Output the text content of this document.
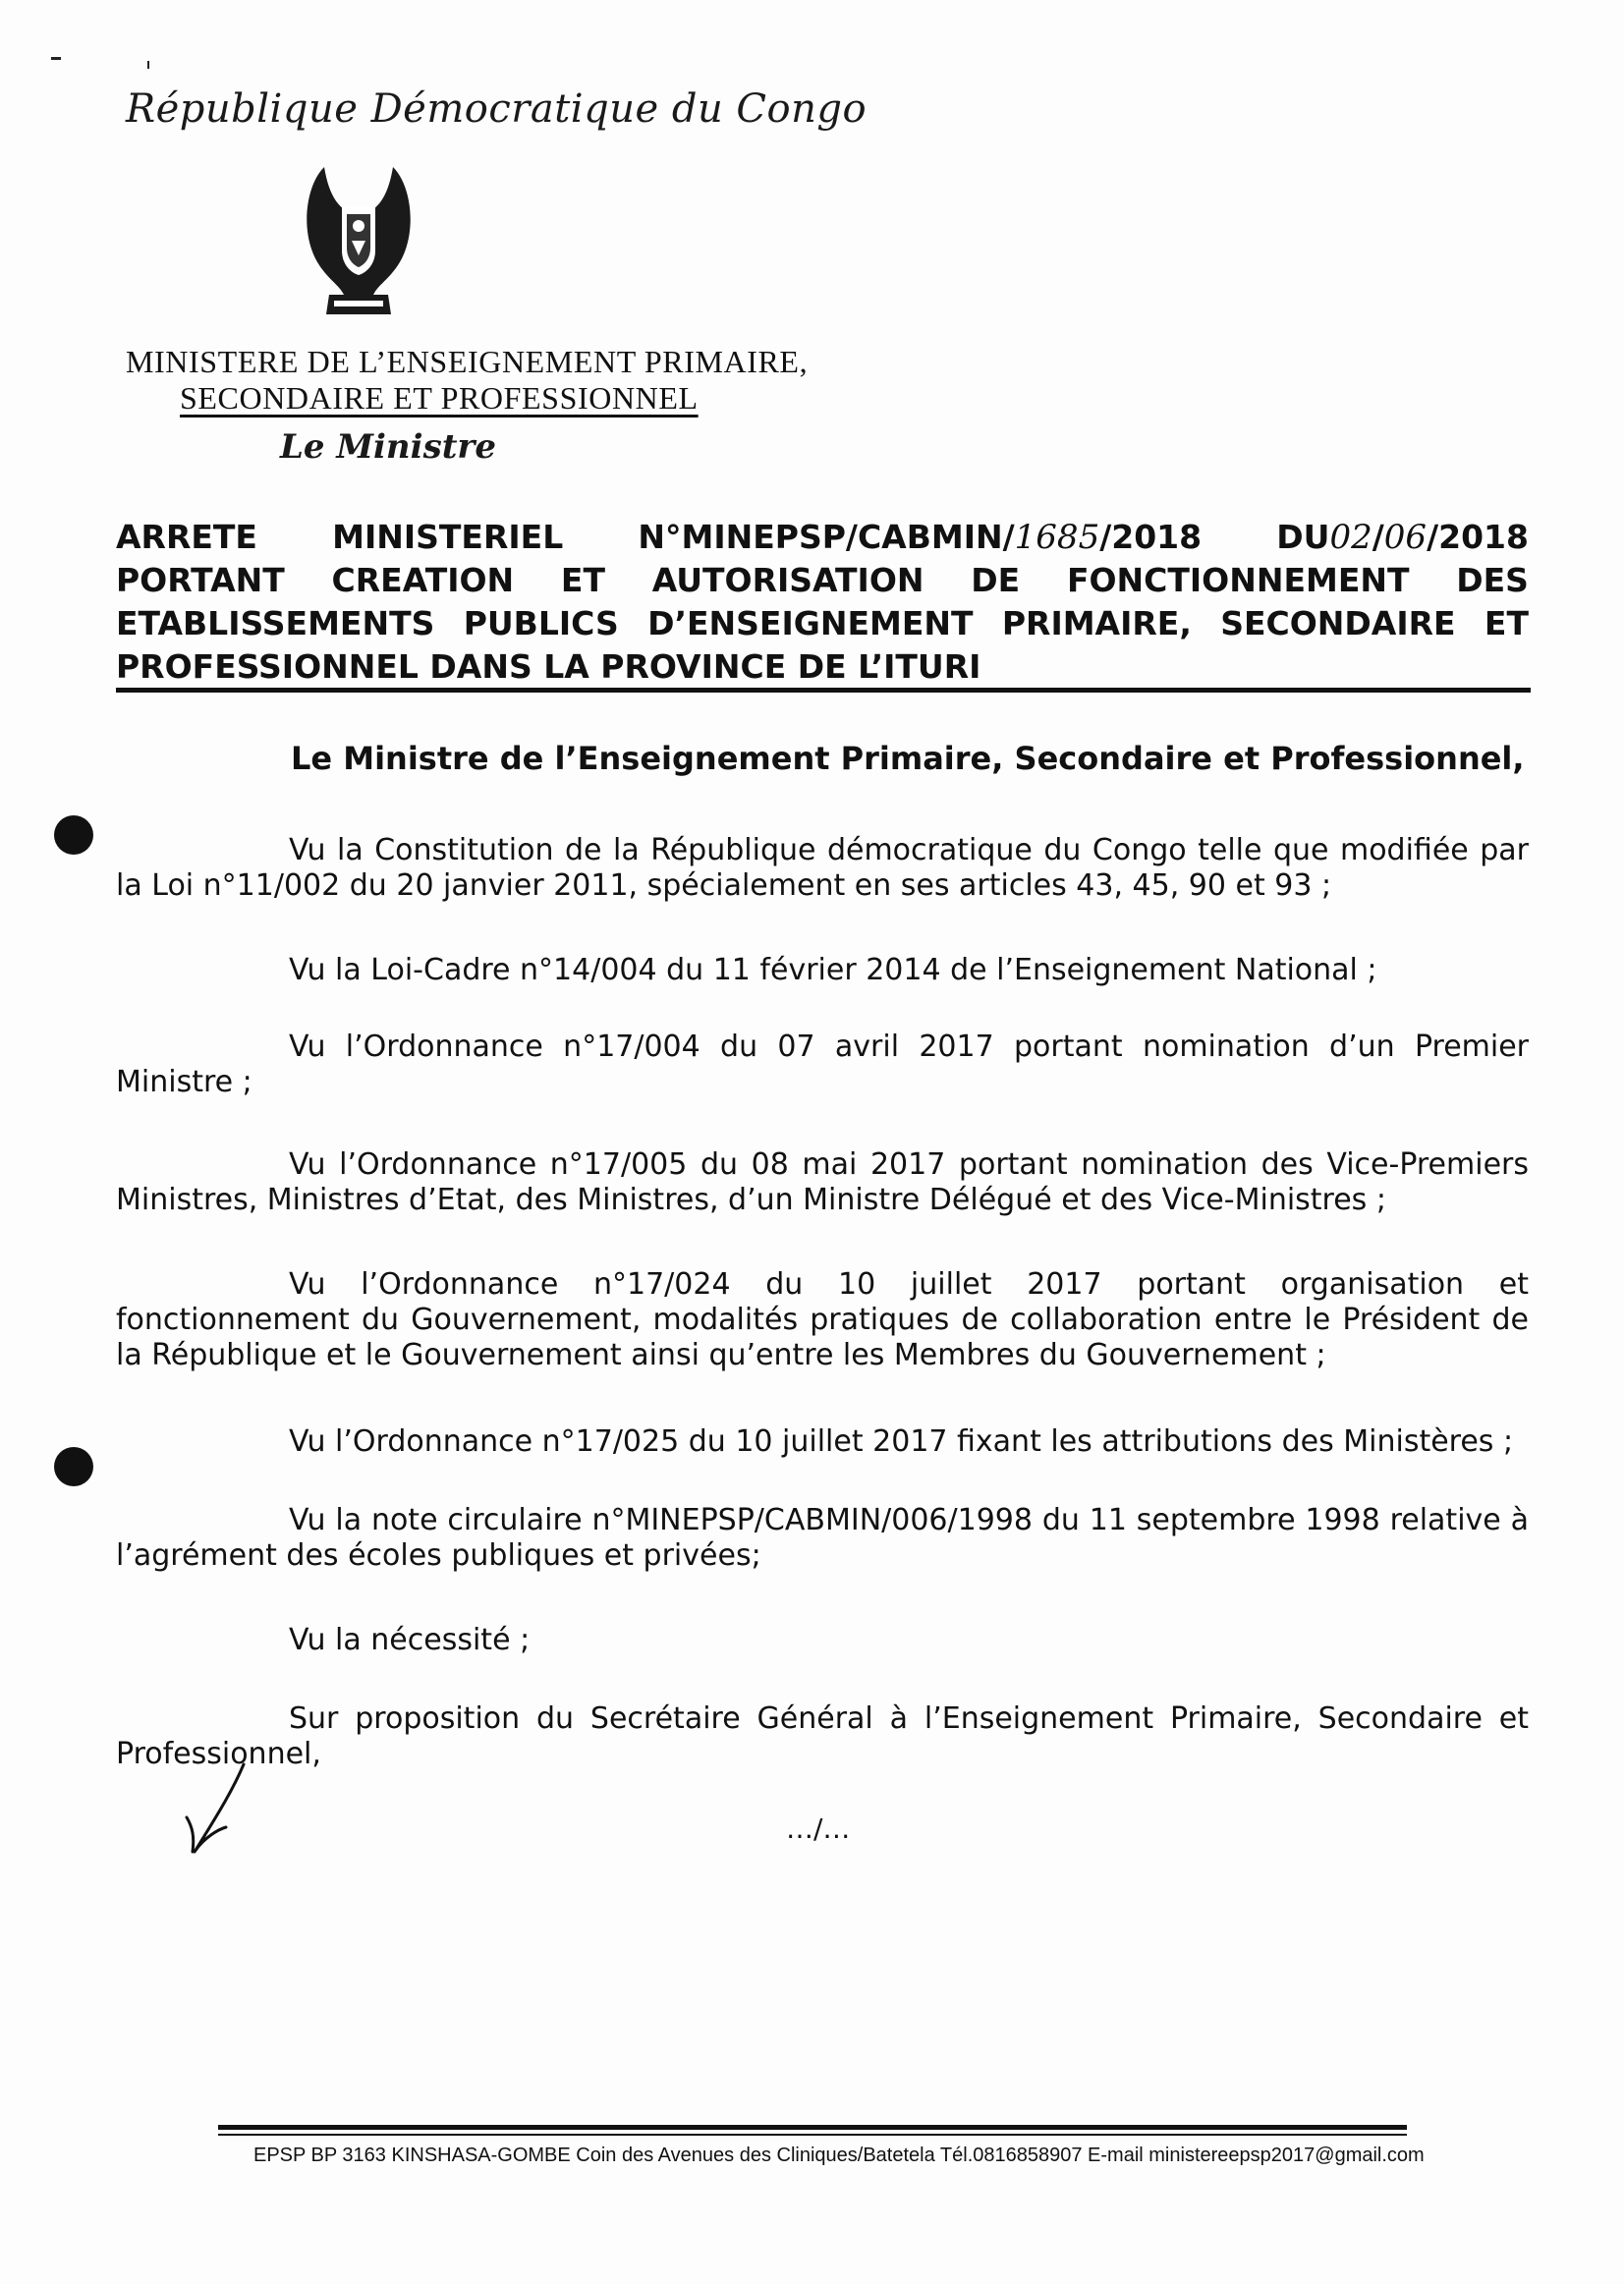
République Démocratique du Congo
MINISTERE DE L’ENSEIGNEMENT PRIMAIRE,
SECONDAIRE ET PROFESSIONNEL
Le Ministre
ARRETE MINISTERIEL N°MINEPSP/CABMIN/1685/2018 DU02/06/2018
PORTANT CREATION ET AUTORISATION DE FONCTIONNEMENT DES
ETABLISSEMENTS PUBLICS D’ENSEIGNEMENT PRIMAIRE, SECONDAIRE ET
PROFESSIONNEL DANS LA PROVINCE DE L’ITURI
Le Ministre de l’Enseignement Primaire, Secondaire et Professionnel,
Vu la Constitution de la République démocratique du Congo telle que modifiée par la Loi n°11/002 du 20 janvier 2011, spécialement en ses articles 43, 45, 90 et 93 ;
Vu la Loi-Cadre n°14/004 du 11 février 2014 de l’Enseignement National ;
Vu l’Ordonnance n°17/004 du 07 avril 2017 portant nomination d’un Premier Ministre ;
Vu l’Ordonnance n°17/005 du 08 mai 2017 portant nomination des Vice-Premiers Ministres, Ministres d’Etat, des Ministres, d’un Ministre Délégué et des Vice-Ministres ;
Vu l’Ordonnance n°17/024 du 10 juillet 2017 portant organisation et fonctionnement du Gouvernement, modalités pratiques de collaboration entre le Président de la République et le Gouvernement ainsi qu’entre les Membres du Gouvernement ;
Vu l’Ordonnance n°17/025 du 10 juillet 2017 fixant les attributions des Ministères ;
Vu la note circulaire n°MINEPSP/CABMIN/006/1998 du 11 septembre 1998 relative à l’agrément des écoles publiques et privées;
Vu la nécessité ;
Sur proposition du Secrétaire Général à l’Enseignement Primaire, Secondaire et Professionnel,
…/…
EPSP BP 3163 KINSHASA-GOMBE Coin des Avenues des Cliniques/Batetela Tél.0816858907 E-mail ministereepsp2017@gmail.com
